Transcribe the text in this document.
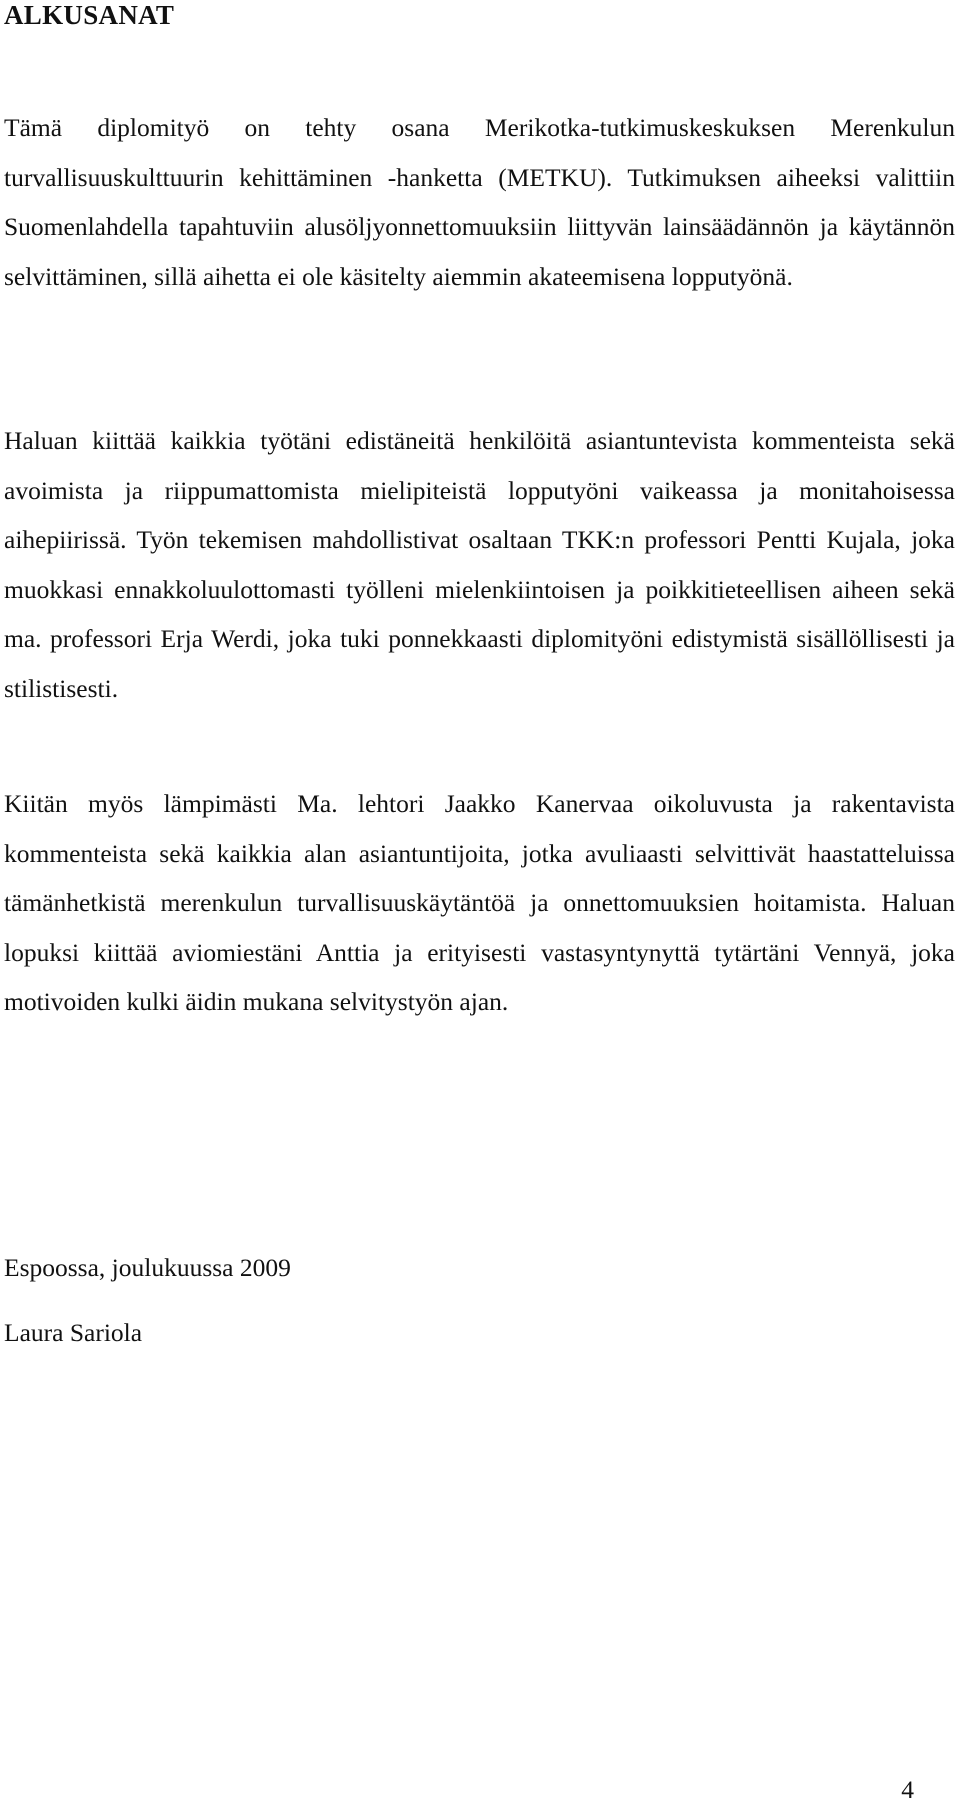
ALKUSANAT

Tämä diplomityö on tehty osana Merikotka-tutkimuskeskuksen Merenkulun turvallisuuskulttuurin kehittäminen -hanketta (METKU). Tutkimuksen aiheeksi valittiin Suomenlahdella tapahtuviin alusöljyonnettomuuksiin liittyvän lainsäädännön ja käytännön selvittäminen, sillä aihetta ei ole käsitelty aiemmin akateemisena lopputyönä.

Haluan kiittää kaikkia työtäni edistäneitä henkilöitä asiantuntevista kommenteista sekä avoimista ja riippumattomista mielipiteistä lopputyöni vaikeassa ja monitahoisessa aihepiirissä. Työn tekemisen mahdollistivat osaltaan TKK:n professori Pentti Kujala, joka muokkasi ennakkoluulottomasti työlleni mielenkiintoisen ja poikkitieteellisen aiheen sekä ma. professori Erja Werdi, joka tuki ponnekkaasti diplomityöni edistymistä sisällöllisesti ja stilistisesti.

Kiitän myös lämpimästi Ma. lehtori Jaakko Kanervaa oikoluvusta ja rakentavista kommenteista sekä kaikkia alan asiantuntijoita, jotka avuliaasti selvittivät haastatteluissa tämänhetkistä merenkulun turvallisuuskäytäntöä ja onnettomuuksien hoitamista. Haluan lopuksi kiittää aviomiestäni Anttia ja erityisesti vastasyntynyttä tytärtäni Vennyä, joka motivoiden kulki äidin mukana selvitystyön ajan.

Espoossa, joulukuussa 2009

Laura Sariola

4
